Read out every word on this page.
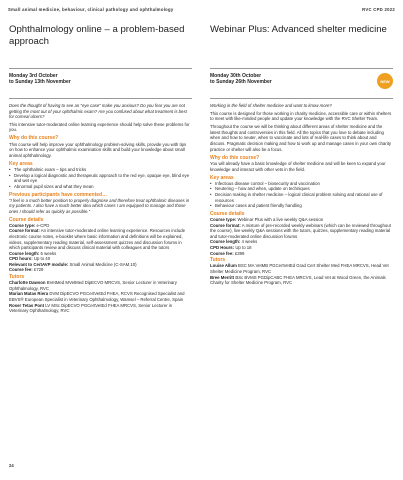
Small animal medicine, behaviour, clinical pathology and ophthalmology	RVC CPD 2022
Ophthalmology online – a problem-based approach
Monday 3rd October
to Sunday 13th November
Does the thought of having to see an "eye case" make you anxious? Do you fear you are not getting the most out of your ophthalmic exam? Are you confused about what treatment is best for corneal ulcers?

This intensive tutor-moderated online learning experience should help solve these problems for you.

Why do this course?

This course will help improve your ophthalmology problem-solving skills, provide you with tips on how to enhance your ophthalmic examination skills and build your knowledge about small animal ophthalmology.

Key areas
• The ophthalmic exam – tips and tricks
• Develop a logical diagnostic and therapeutic approach to the red eye, opaque eye, blind eye and wet eye
• Abnormal pupil sizes and what they mean
Previous participants have commented…
"I feel in a much better position to properly diagnose and therefore treat ophthalmic diseases in my patients. I also have a much better idea which cases I am equipped to manage and those ones I should refer as quickly as possible."
Course details
Course type: e-CPD
Course format: An intensive tutor-moderated online learning experience. Resources include electronic course notes, e-booklet where basic information and definitions will be explained, videos, supplementary reading material, self-assessment quizzes and discussion forums in which participants review and discuss clinical material with colleagues and the tutors
Course length: 6 weeks
CPD hours: Up to 40
Relevant to CertAVP module: Small Animal Medicine (C-SAM.10)
Course fee: £729
Tutors
Charlotte Dawson BVetMed MVetMed DipECVO MRCVS, Senior Lecturer in Veterinary Ophthalmology, RVC
Marian Matas Riera DVM DipECVO PGCertVetEd FHEA, RCVS Recognised Specialist and EBVS® European Specialist in Veterinary Ophthalmology, Wamsel – Referral Centre, Spain
Roser Tetas Pont LV MSc DipECVO PGCertVetEd FHEA MRCVS, Senior Lecturer in Veterinary Ophthalmology, RVC
Webinar Plus: Advanced shelter medicine
Monday 30th October
to Sunday 26th November	NEW
Working in the field of shelter medicine and want to know more?

This course is designed for those working in charity medicine, accessible care or within shelters to meet with like-minded people and update your knowledge with the RVC Shelter Team.

Throughout the course we will be thinking about different areas of shelter medicine and the latest thoughts and controversies in this field. All the topics that you love to debate including when and how to neuter, when to vaccinate and lots of real-life cases to think about and discuss. Pragmatic decision making and how to work up and manage cases in your own charity practice or shelter will also be a focus.

Why do this course?

You will already have a basic knowledge of shelter medicine and will be keen to expand your knowledge and interact with other vets in the field.

Key areas
• Infectious disease control – biosecurity and vaccination
• Neutering – how and when, update on techniques
• Decision making in shelter medicine – logical clinical problem solving and rational use of resources
• Behaviour cases and patient friendly handling
Course details
Course type: Webinar Plus with a live weekly Q&A session
Course format: A mixture of pre-recorded weekly webinars (which can be reviewed throughout the course), live weekly Q&A sessions with the tutors, quizzes, supplementary reading material and tutor-moderated online discussion forums
Course length: 4 weeks
CPD Hours: Up to 18
Course fee: £399
Tutors
Louise Allum BSC MA VetMB PGCertVetEd Grad Cert Shelter Med FHEA MRCVS, Head Vet Shelter Medicine Program, RVC
Bree Merritt BSc BVMS PGDipCABC FHEA MRCVS, Lead Vet at Wood Green, the Animals Charity for Shelter Medicine Program, RVC
24
